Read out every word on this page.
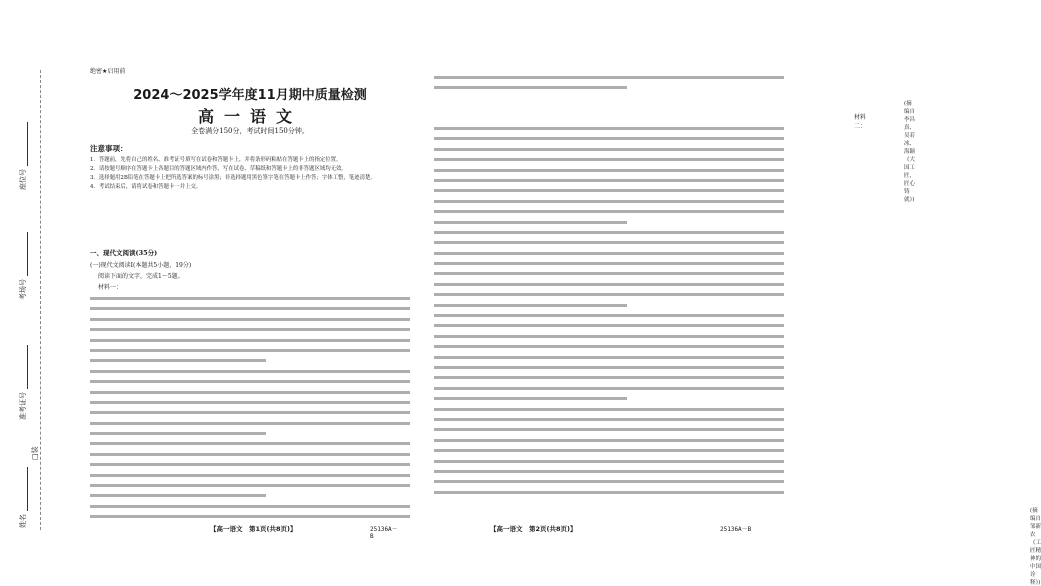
姓名
准考证号
考场号
座位号
□装
绝密★启用前
2024～2025学年度11月期中质量检测
高一语文
全卷满分150分，考试时间150分钟。
注意事项：
1．答题前，先将自己的姓名、准考证号填写在试卷和答题卡上，并将条形码粘贴在答题卡上的指定位置。
2．请按题号顺序在答题卡上各题目的答题区域内作答，写在试卷、草稿纸和答题卡上的非答题区域均无效。
3．选择题用2B铅笔在答题卡上把所选答案的标号涂黑；非选择题用黑色签字笔在答题卡上作答；字体工整，笔迹清楚。
4．考试结束后，请将试卷和答题卡一并上交。
一、现代文阅读(35分)
(一)现代文阅读Ⅰ(本题共5小题，19分)
阅读下面的文字，完成1～5题。
材料一：
【高一语文　第1页(共8页)】	25136A－B
(摘编自李昌真、吴若冰、海颖《大国工匠，匠心铸就》)
材料二：
(摘编自邹新农《工匠精神的中国诠释》)
【高一语文　第2页(共8页)】	25136A－B
